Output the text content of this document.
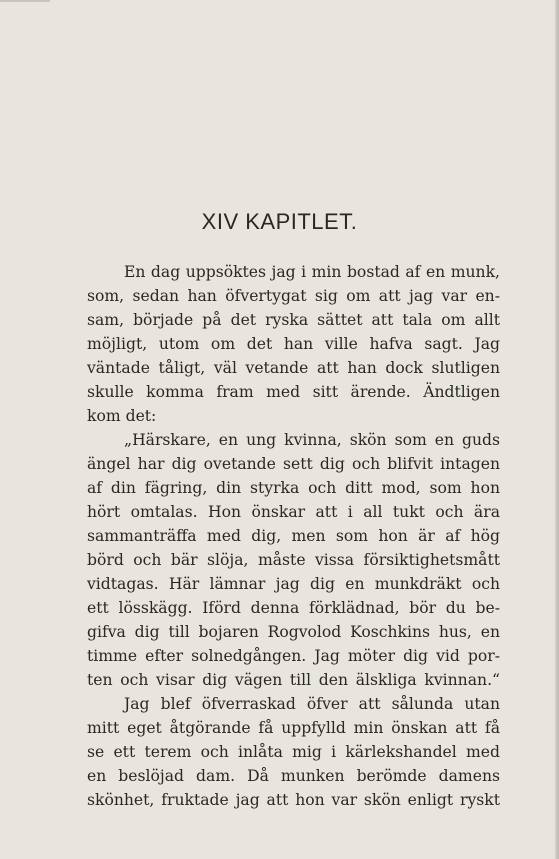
XIV KAPITLET.
En dag uppsöktes jag i min bostad af en munk,
som, sedan han öfvertygat sig om att jag var en-
sam, började på det ryska sättet att tala om allt
möjligt, utom om det han ville hafva sagt. Jag
väntade tåligt, väl vetande att han dock slutligen
skulle komma fram med sitt ärende. Ändtligen
kom det:
„Härskare, en ung kvinna, skön som en guds
ängel har dig ovetande sett dig och blifvit intagen
af din fägring, din styrka och ditt mod, som hon
hört omtalas. Hon önskar att i all tukt och ära
sammanträffa med dig, men som hon är af hög
börd och bär slöja, måste vissa försiktighetsmått
vidtagas. Här lämnar jag dig en munkdräkt och
ett lösskägg. Iförd denna förklädnad, bör du be-
gifva dig till bojaren Rogvolod Koschkins hus, en
timme efter solnedgången. Jag möter dig vid por-
ten och visar dig vägen till den älskliga kvinnan.“
Jag blef öfverraskad öfver att sålunda utan
mitt eget åtgörande få uppfylld min önskan att få
se ett terem och inlåta mig i kärlekshandel med
en beslöjad dam. Då munken berömde damens
skönhet, fruktade jag att hon var skön enligt ryskt
